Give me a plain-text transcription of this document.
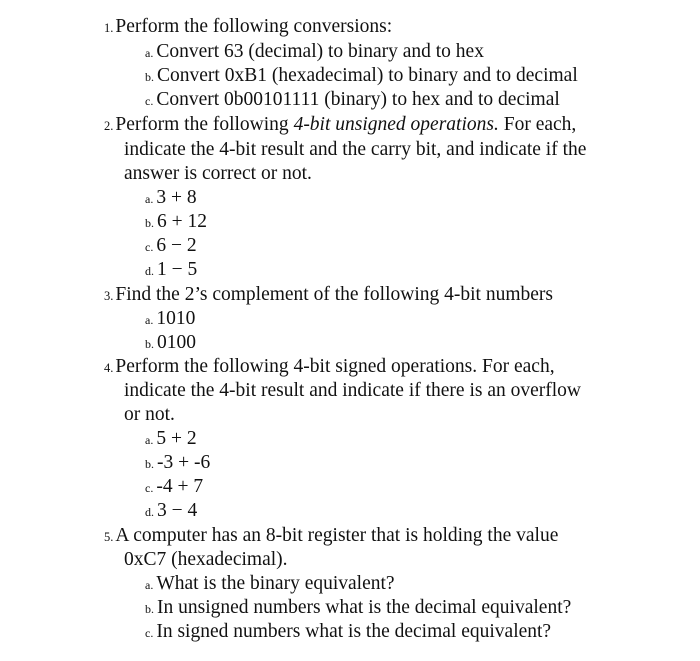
1. Perform the following conversions:
a. Convert 63 (decimal) to binary and to hex
b. Convert 0xB1 (hexadecimal) to binary and to decimal
c. Convert 0b00101111 (binary) to hex and to decimal
2. Perform the following 4-bit unsigned operations. For each,
indicate the 4-bit result and the carry bit, and indicate if the
answer is correct or not.
a. 3 + 8
b. 6 + 12
c. 6 − 2
d. 1 − 5
3. Find the 2’s complement of the following 4-bit numbers
a. 1010
b. 0100
4. Perform the following 4-bit signed operations. For each,
indicate the 4-bit result and indicate if there is an overflow
or not.
a. 5 + 2
b. -3 + -6
c. -4 + 7
d. 3 − 4
5. A computer has an 8-bit register that is holding the value
0xC7 (hexadecimal).
a. What is the binary equivalent?
b. In unsigned numbers what is the decimal equivalent?
c. In signed numbers what is the decimal equivalent?
